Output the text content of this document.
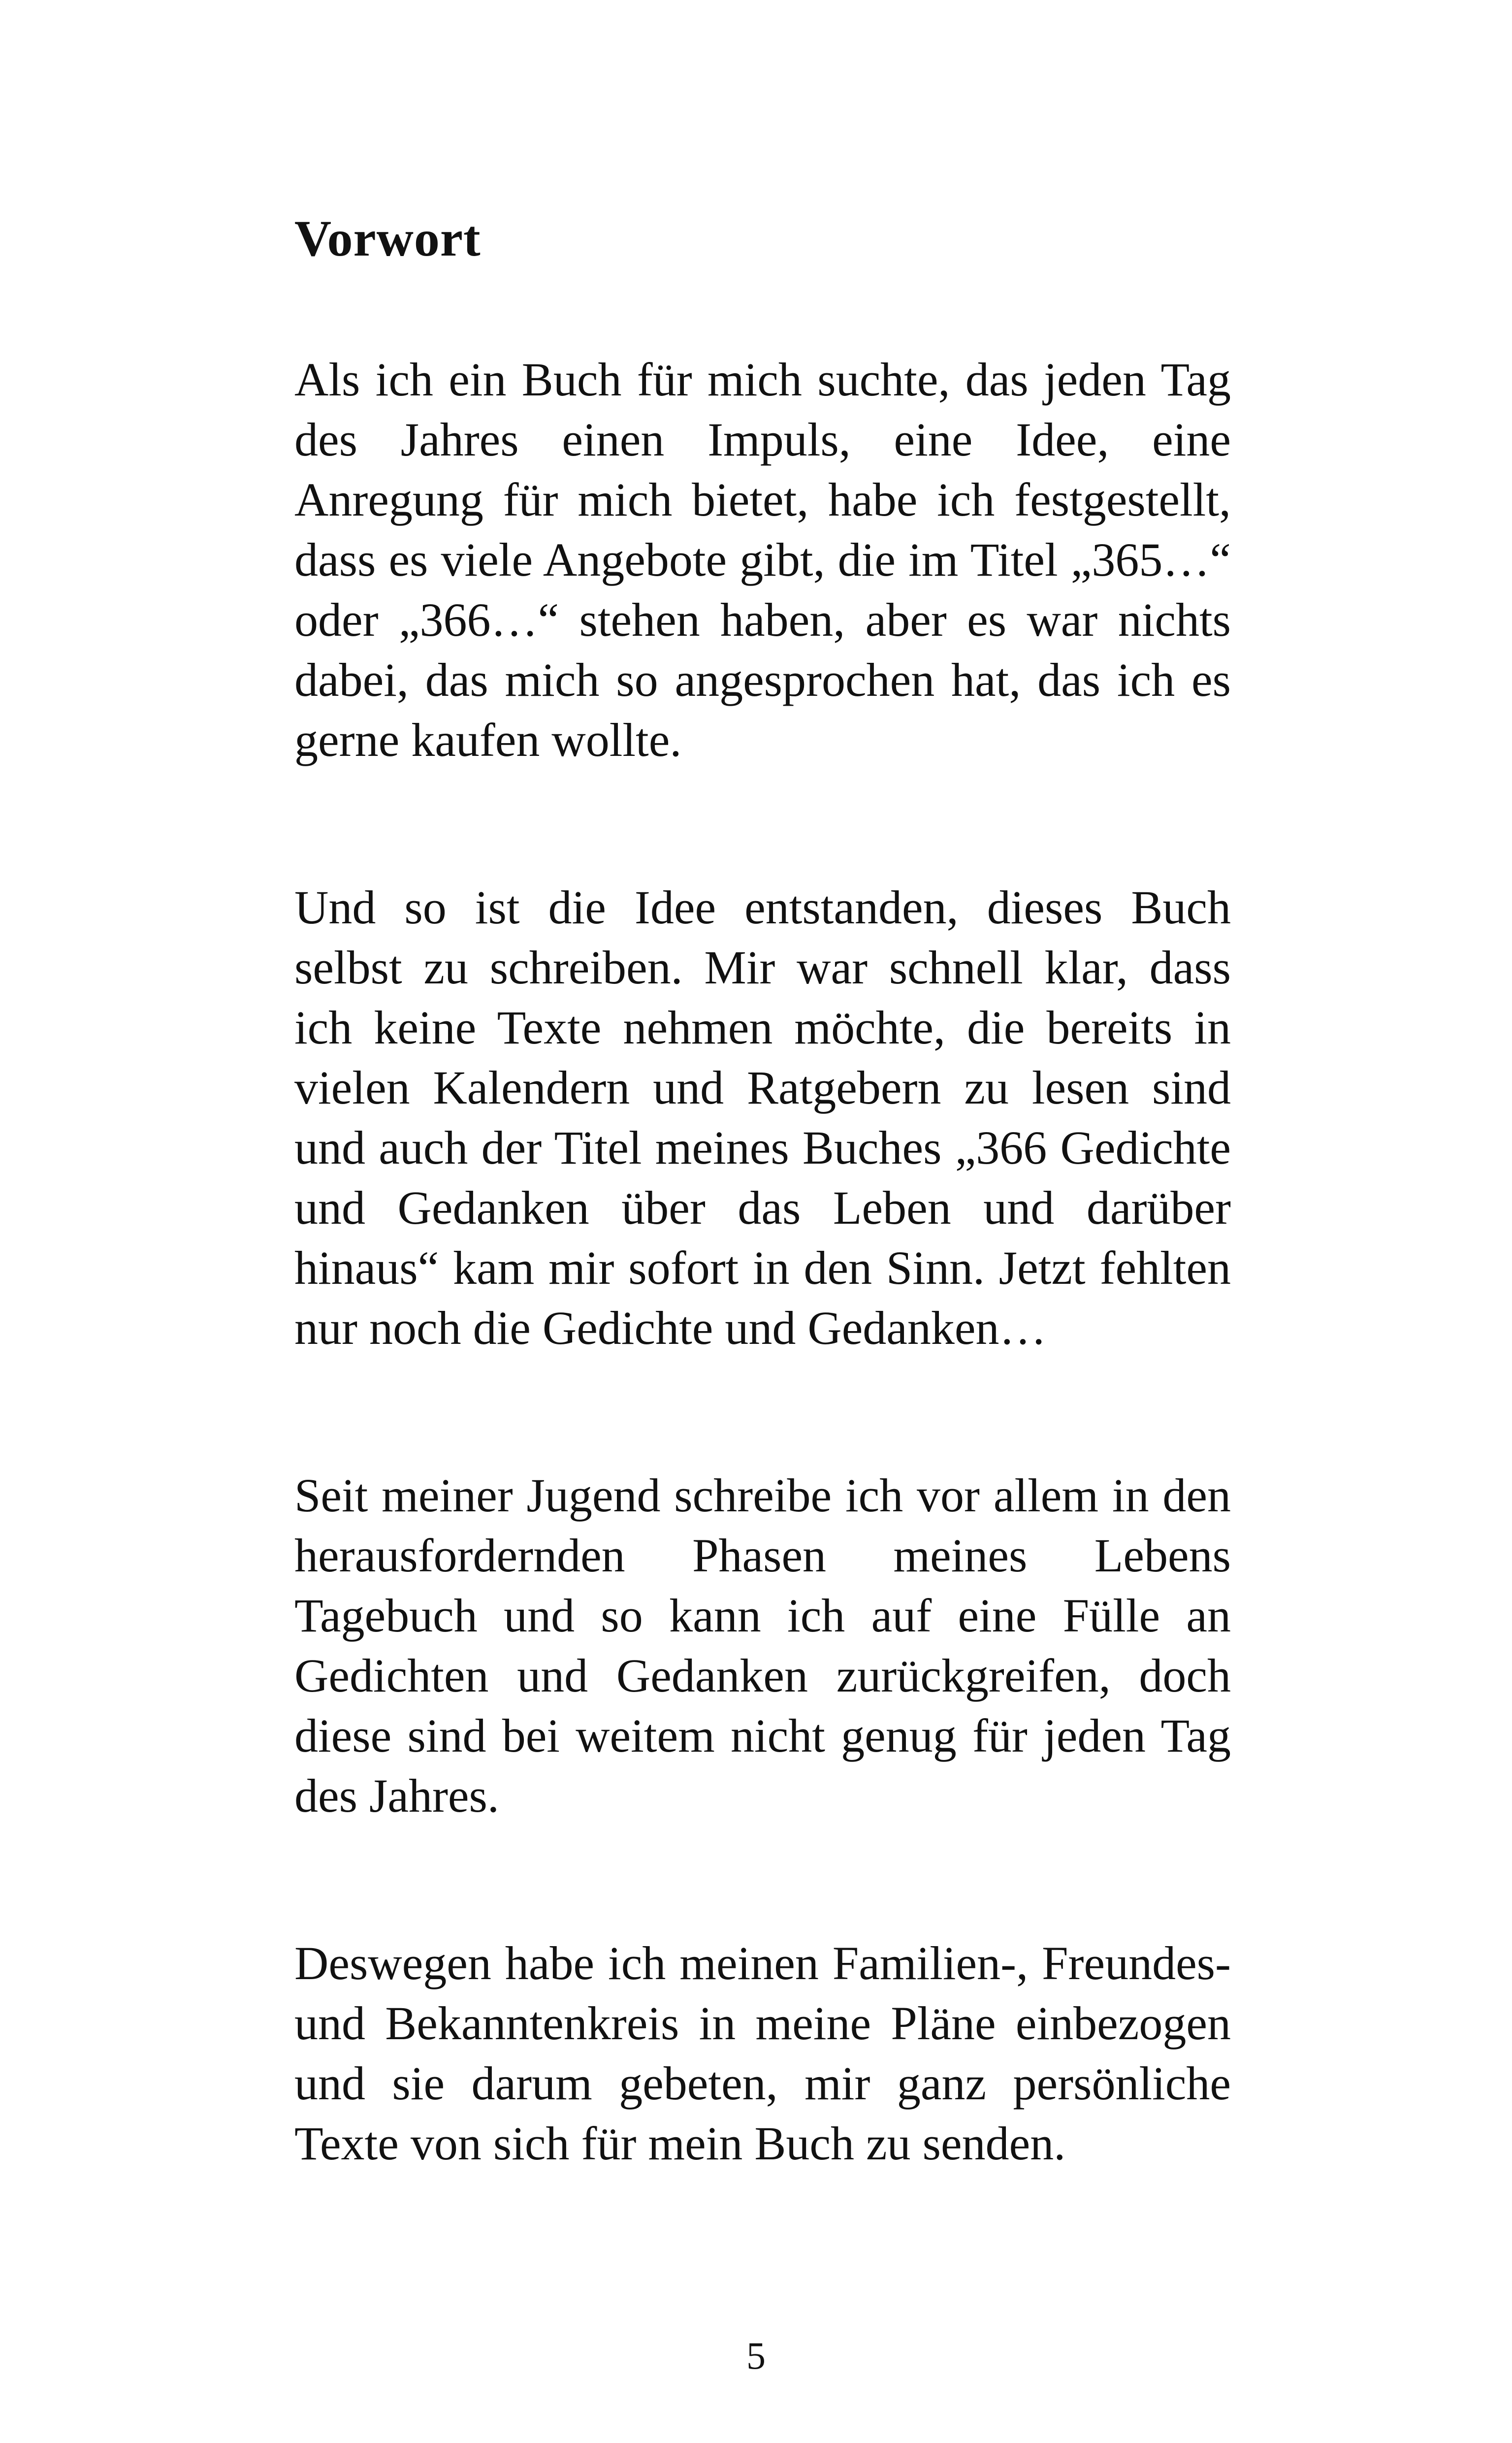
Vorwort

Als ich ein Buch für mich suchte, das jeden Tag des Jahres einen Impuls, eine Idee, eine Anregung für mich bietet, habe ich festgestellt, dass es viele Angebote gibt, die im Titel „365…“ oder „366…“ stehen haben, aber es war nichts dabei, das mich so angesprochen hat, das ich es gerne kaufen wollte.

Und so ist die Idee entstanden, dieses Buch selbst zu schreiben. Mir war schnell klar, dass ich keine Texte nehmen möchte, die bereits in vielen Kalendern und Ratgebern zu lesen sind und auch der Titel meines Buches „366 Gedichte und Gedanken über das Leben und darüber hinaus“ kam mir sofort in den Sinn. Jetzt fehlten nur noch die Gedichte und Gedanken…

Seit meiner Jugend schreibe ich vor allem in den herausfordernden Phasen meines Lebens Tagebuch und so kann ich auf eine Fülle an Gedichten und Gedanken zurückgreifen, doch diese sind bei weitem nicht genug für jeden Tag des Jahres.

Deswegen habe ich meinen Familien-, Freundes- und Bekanntenkreis in meine Pläne einbezogen und sie darum gebeten, mir ganz persönliche Texte von sich für mein Buch zu senden.

5
